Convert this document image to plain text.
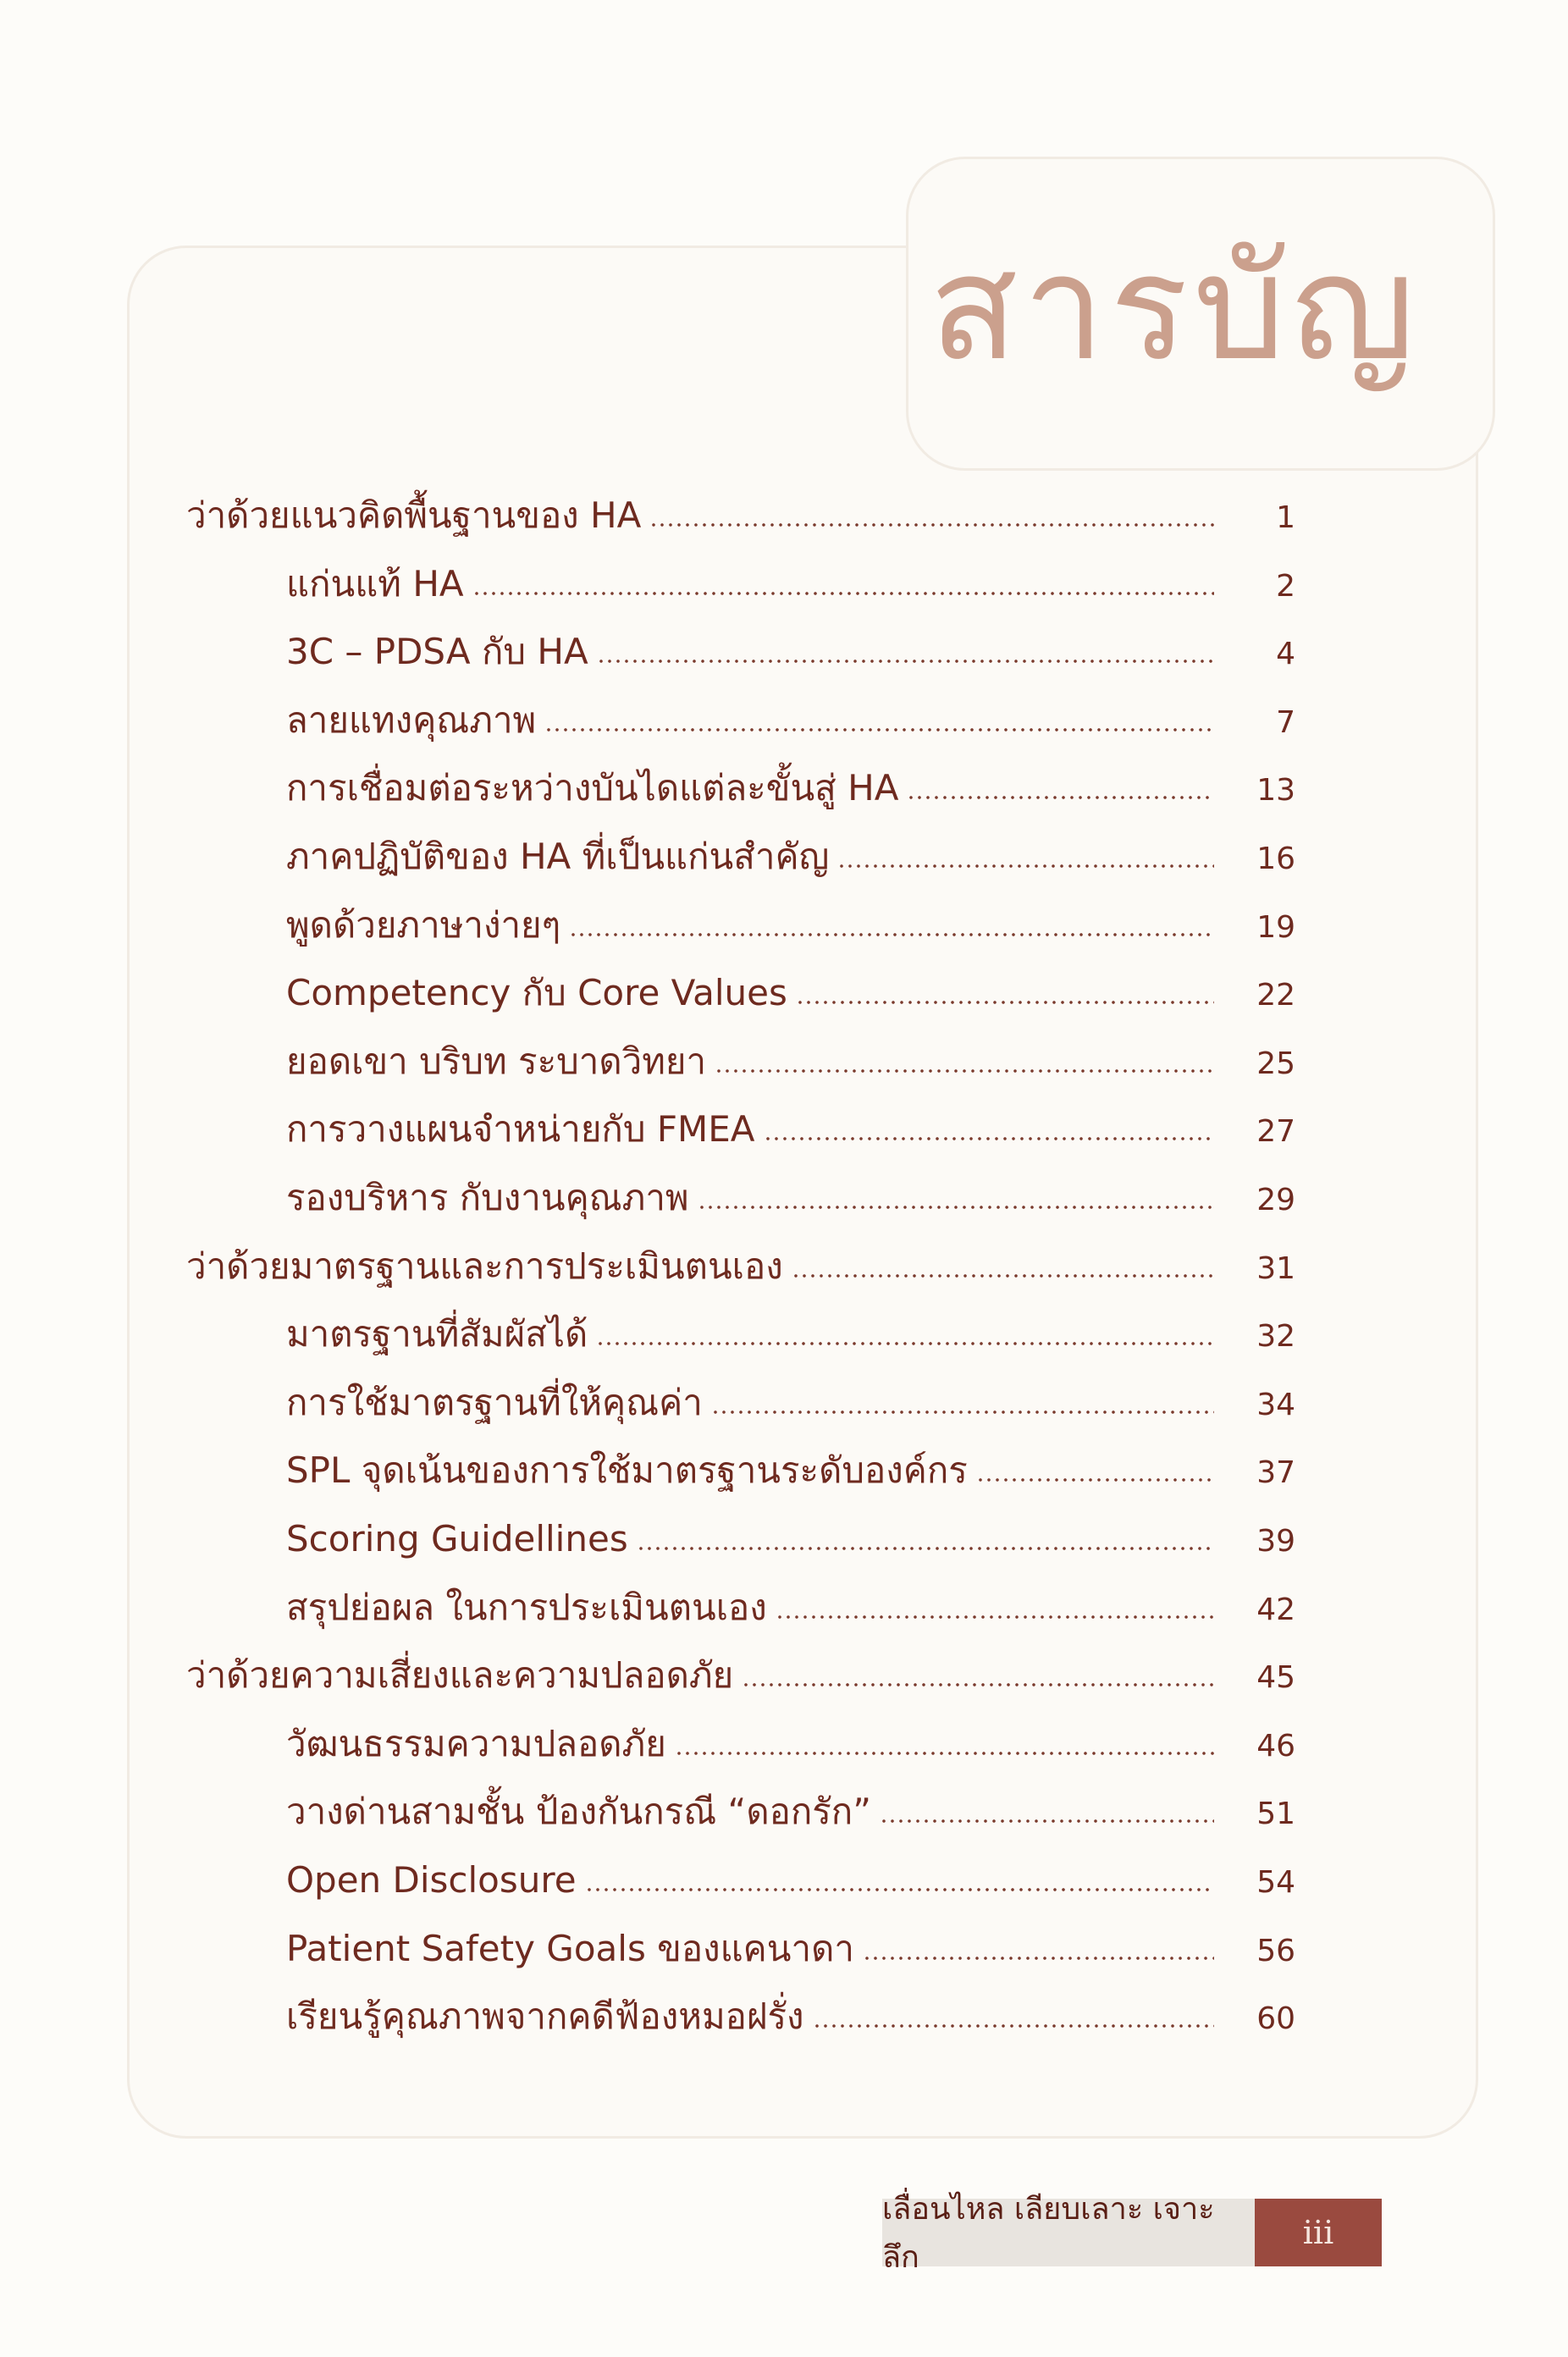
สารบัญ
ว่าด้วยแนวคิดพื้นฐานของ HA	1
แก่นแท้ HA	2
3C – PDSA กับ HA	4
ลายแทงคุณภาพ	7
การเชื่อมต่อระหว่างบันไดแต่ละขั้นสู่ HA	13
ภาคปฏิบัติของ HA ที่เป็นแก่นสำคัญ	16
พูดด้วยภาษาง่ายๆ	19
Competency กับ Core Values	22
ยอดเขา บริบท ระบาดวิทยา	25
การวางแผนจำหน่ายกับ FMEA	27
รองบริหาร กับงานคุณภาพ	29
ว่าด้วยมาตรฐานและการประเมินตนเอง	31
มาตรฐานที่สัมผัสได้	32
การใช้มาตรฐานที่ให้คุณค่า	34
SPL จุดเน้นของการใช้มาตรฐานระดับองค์กร	37
Scoring Guidellines	39
สรุปย่อผล ในการประเมินตนเอง	42
ว่าด้วยความเสี่ยงและความปลอดภัย	45
วัฒนธรรมความปลอดภัย	46
วางด่านสามชั้น ป้องกันกรณี “ดอกรัก”	51
Open Disclosure	54
Patient Safety Goals ของแคนาดา	56
เรียนรู้คุณภาพจากคดีฟ้องหมอฝรั่ง	60
เลื่อนไหล เลียบเลาะ เจาะลึก
iii
